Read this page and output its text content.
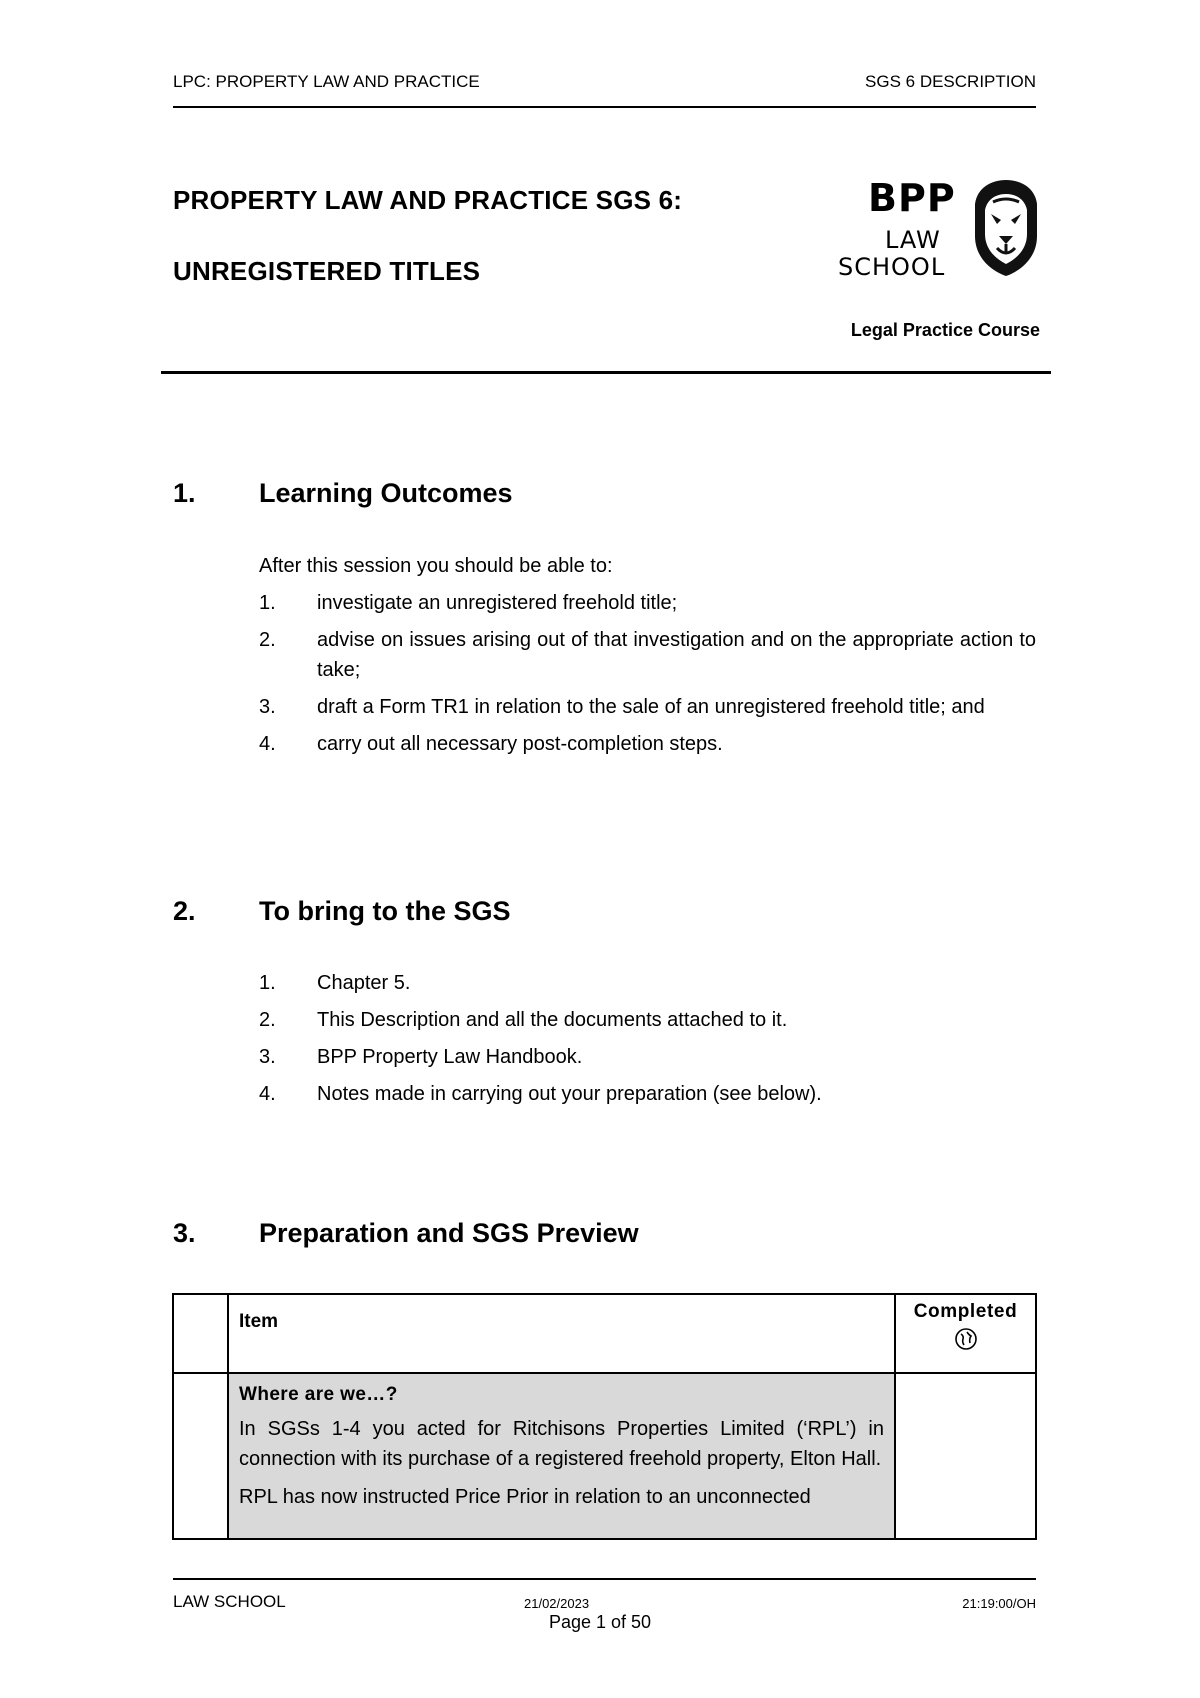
LPC: PROPERTY LAW AND PRACTICE	SGS 6 DESCRIPTION
PROPERTY LAW AND PRACTICE SGS 6:
UNREGISTERED TITLES
BPP
LAW
SCHOOL
Legal Practice Course
1. Learning Outcomes
After this session you should be able to:
1. investigate an unregistered freehold title;
2. advise on issues arising out of that investigation and on the appropriate action to take;
3. draft a Form TR1 in relation to the sale of an unregistered freehold title; and
4. carry out all necessary post-completion steps.
2. To bring to the SGS
1. Chapter 5.
2. This Description and all the documents attached to it.
3. BPP Property Law Handbook.
4. Notes made in carrying out your preparation (see below).
3. Preparation and SGS Preview
	Item	Completed

	Where are we…?

In SGSs 1-4 you acted for Ritchisons Properties Limited (‘RPL’) in connection with its purchase of a registered freehold property, Elton Hall.

RPL has now instructed Price Prior in relation to an unconnected	

LAW SCHOOL	21/02/2023	21:19:00/OH
Page 1 of 50
